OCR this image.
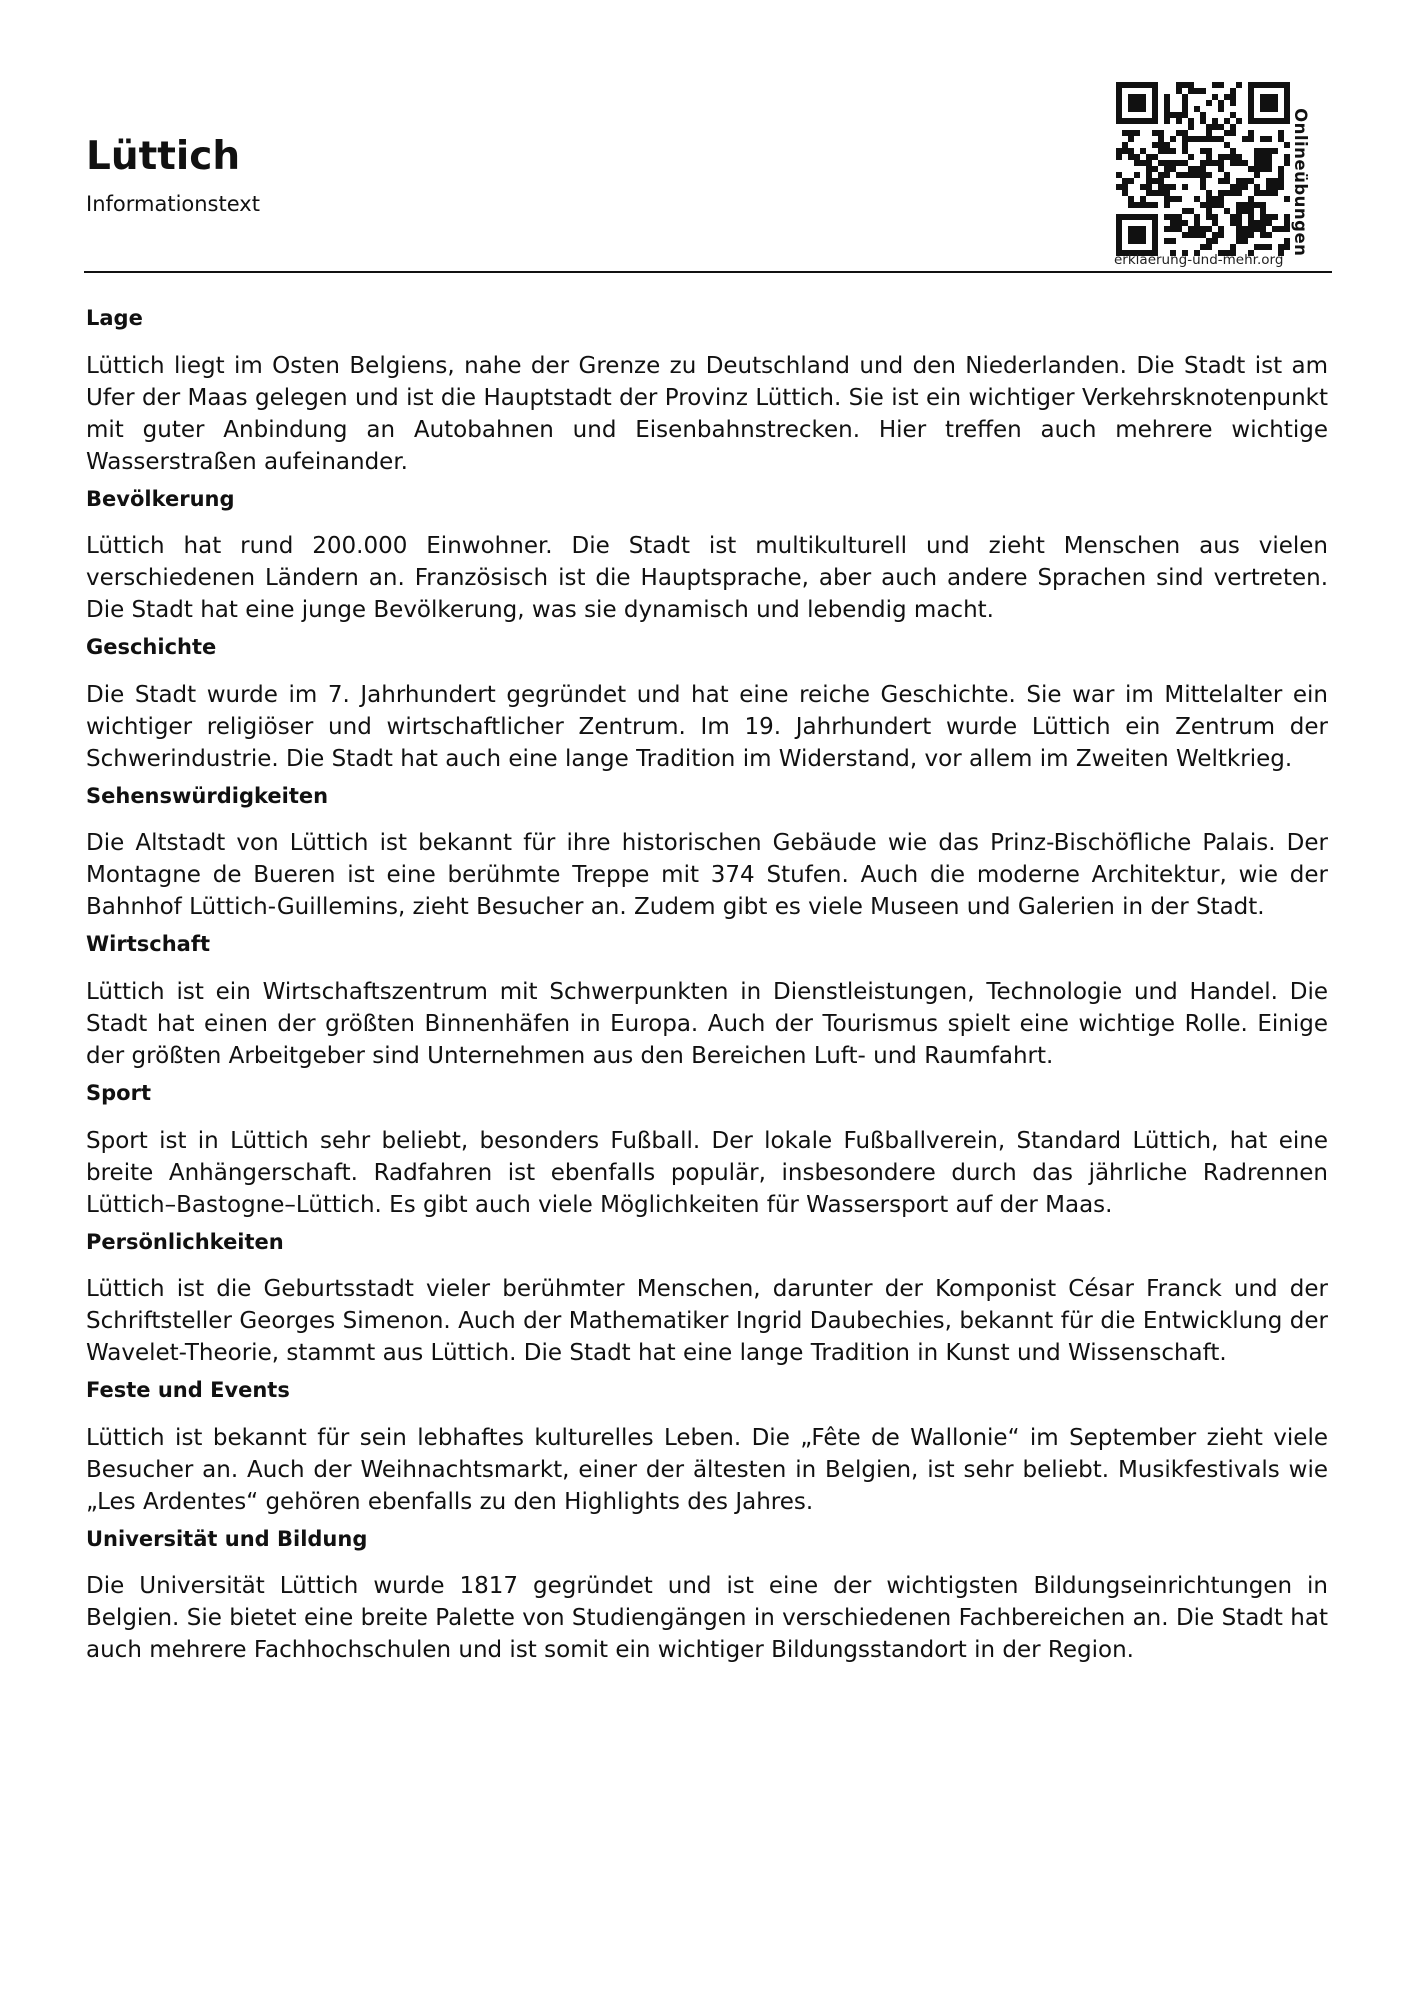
Lüttich
Informationstext
erklaerung-und-mehr.org
Onlineübungen
Lage

Lüttich liegt im Osten Belgiens, nahe der Grenze zu Deutschland und den Niederlanden. Die Stadt ist am Ufer der Maas gelegen und ist die Hauptstadt der Provinz Lüttich. Sie ist ein wichtiger Verkehrsknotenpunkt mit guter Anbindung an Autobahnen und Eisenbahnstrecken. Hier treffen auch mehrere wichtige Wasserstraßen aufeinander.

Bevölkerung

Lüttich hat rund 200.000 Einwohner. Die Stadt ist multikulturell und zieht Menschen aus vielen verschiedenen Ländern an. Französisch ist die Hauptsprache, aber auch andere Sprachen sind vertreten. Die Stadt hat eine junge Bevölkerung, was sie dynamisch und lebendig macht.

Geschichte

Die Stadt wurde im 7. Jahrhundert gegründet und hat eine reiche Geschichte. Sie war im Mittelalter ein wichtiger religiöser und wirtschaftlicher Zentrum. Im 19. Jahrhundert wurde Lüttich ein Zentrum der Schwerindustrie. Die Stadt hat auch eine lange Tradition im Widerstand, vor allem im Zweiten Weltkrieg.

Sehenswürdigkeiten

Die Altstadt von Lüttich ist bekannt für ihre historischen Gebäude wie das Prinz-Bischöfliche Palais. Der Montagne de Bueren ist eine berühmte Treppe mit 374 Stufen. Auch die moderne Architektur, wie der Bahnhof Lüttich-Guillemins, zieht Besucher an. Zudem gibt es viele Museen und Galerien in der Stadt.

Wirtschaft

Lüttich ist ein Wirtschaftszentrum mit Schwerpunkten in Dienstleistungen, Technologie und Handel. Die Stadt hat einen der größten Binnenhäfen in Europa. Auch der Tourismus spielt eine wichtige Rolle. Einige der größten Arbeitgeber sind Unternehmen aus den Bereichen Luft- und Raumfahrt.

Sport

Sport ist in Lüttich sehr beliebt, besonders Fußball. Der lokale Fußballverein, Standard Lüttich, hat eine breite Anhängerschaft. Radfahren ist ebenfalls populär, insbesondere durch das jährliche Radrennen Lüttich–Bastogne–Lüttich. Es gibt auch viele Möglichkeiten für Wassersport auf der Maas.

Persönlichkeiten

Lüttich ist die Geburtsstadt vieler berühmter Menschen, darunter der Komponist César Franck und der Schriftsteller Georges Simenon. Auch der Mathematiker Ingrid Daubechies, bekannt für die Entwicklung der Wavelet-Theorie, stammt aus Lüttich. Die Stadt hat eine lange Tradition in Kunst und Wissenschaft.

Feste und Events

Lüttich ist bekannt für sein lebhaftes kulturelles Leben. Die „Fête de Wallonie“ im September zieht viele Besucher an. Auch der Weihnachtsmarkt, einer der ältesten in Belgien, ist sehr beliebt. Musikfestivals wie „Les Ardentes“ gehören ebenfalls zu den Highlights des Jahres.

Universität und Bildung

Die Universität Lüttich wurde 1817 gegründet und ist eine der wichtigsten Bildungseinrichtungen in Belgien. Sie bietet eine breite Palette von Studiengängen in verschiedenen Fachbereichen an. Die Stadt hat auch mehrere Fachhochschulen und ist somit ein wichtiger Bildungsstandort in der Region.
